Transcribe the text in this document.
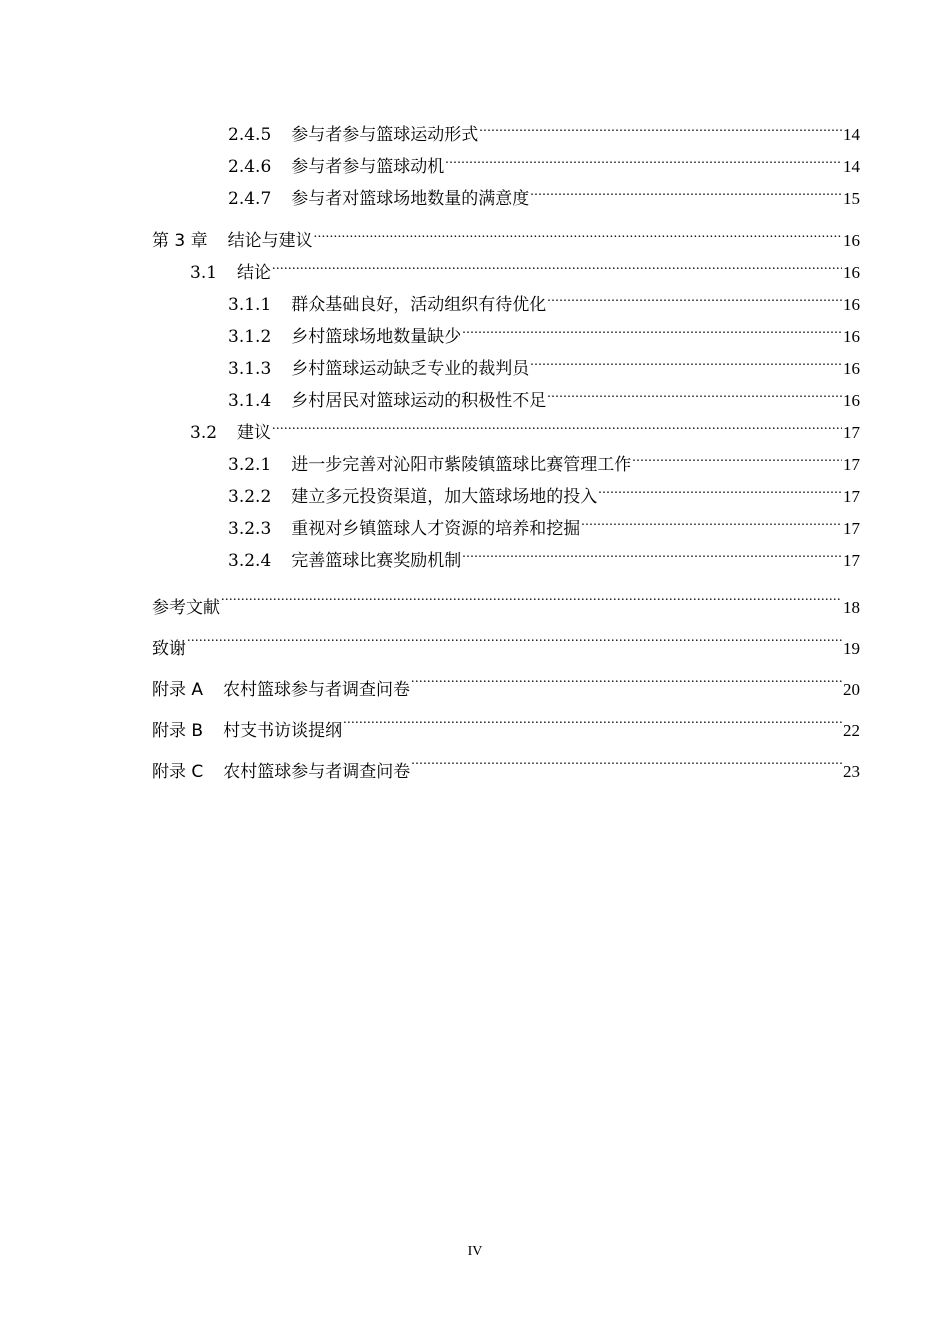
2.4.5	参与者参与篮球运动形式 .....	14
2.4.6	参与者参与篮球动机 .....	14
2.4.7	参与者对篮球场地数量的满意度 .....	15
第 3 章	结论与建议 .....	16
3.1	结论 .....	16
3.1.1	群众基础良好，活动组织有待优化 .....	16
3.1.2	乡村篮球场地数量缺少 .....	16
3.1.3	乡村篮球运动缺乏专业的裁判员 .....	16
3.1.4	乡村居民对篮球运动的积极性不足 .....	16
3.2	建议 .....	17
3.2.1	进一步完善对沁阳市紫陵镇篮球比赛管理工作 .....	17
3.2.2	建立多元投资渠道，加大篮球场地的投入 .....	17
3.2.3	重视对乡镇篮球人才资源的培养和挖掘 .....	17
3.2.4	完善篮球比赛奖励机制 .....	17
参考文献 .....	18
致谢 .....	19
附录 A	农村篮球参与者调查问卷 .....	20
附录 B	村支书访谈提纲 .....	22
附录 C	农村篮球参与者调查问卷 .....	23
IV
